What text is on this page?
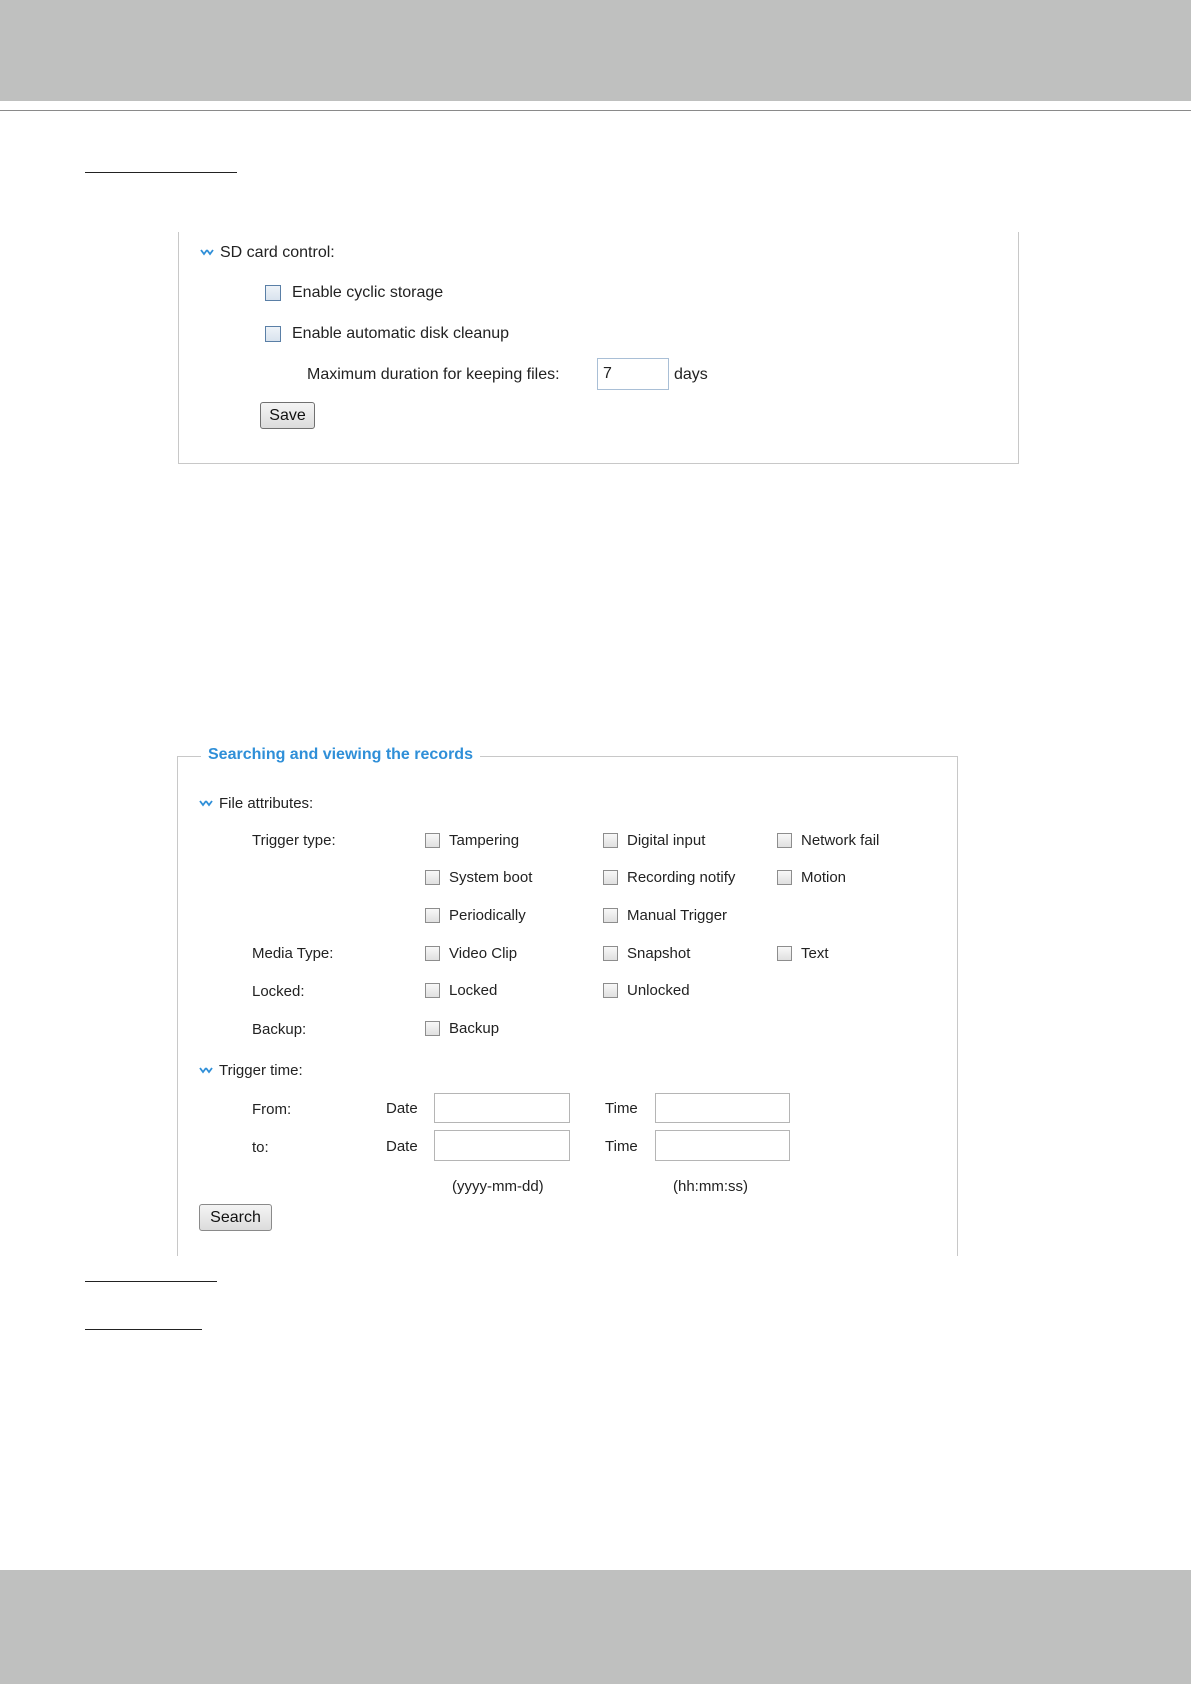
SD card control:
Enable cyclic storage
Enable automatic disk cleanup
Maximum duration for keeping files:
7	days
Save
Searching and viewing the records
File attributes:
Trigger type:	Tampering	Digital input	Network fail
System boot	Recording notify	Motion
Periodically	Manual Trigger
Media Type:	Video Clip	Snapshot	Text
Locked:	Locked	Unlocked
Backup:	Backup
Trigger time:
From:	Date	Time
to:	Date	Time
(yyyy-mm-dd)	(hh:mm:ss)
Search
